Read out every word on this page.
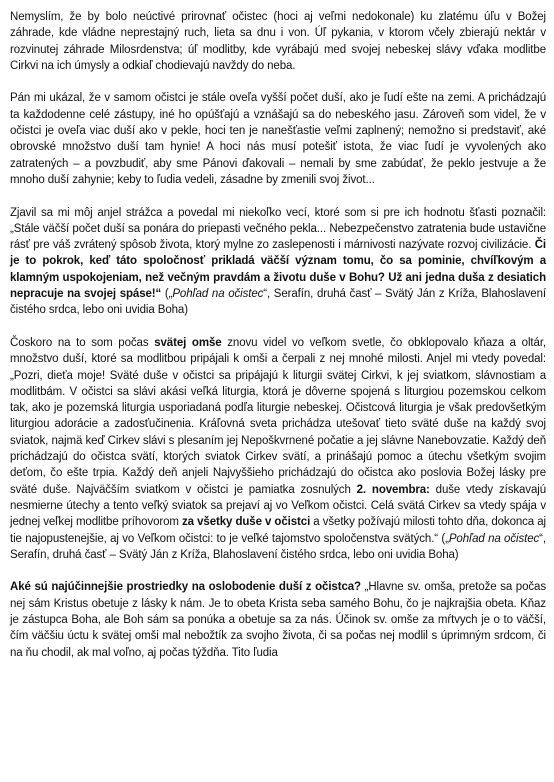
Nemyslím, že by bolo neúctivé prirovnať očistec (hoci aj veľmi nedokonale) ku zlatému úľu v Božej záhrade, kde vládne neprestajný ruch, lieta sa dnu i von. Úľ pykania, v ktorom včely zbierajú nektár v rozvinutej záhrade Milosrdenstva; úľ modlitby, kde vyrábajú med svojej nebeskej slávy vďaka modlitbe Cirkvi na ich úmysly a odkiaľ chodievajú navždy do neba.

Pán mi ukázal, že v samom očistci je stále oveľa vyšší počet duší, ako je ľudí ešte na zemi. A prichádzajú ta každodenne celé zástupy, iné ho opúšťajú a vznášajú sa do nebeského jasu. Zároveň som videl, že v očistci je oveľa viac duší ako v pekle, hoci ten je nanešťastie veľmi zaplnený; nemožno si predstaviť, aké obrovské množstvo duší tam hynie! A hoci nás musí potešiť istota, že viac ľudí je vyvolených ako zatratených – a povzbudiť, aby sme Pánovi ďakovali – nemali by sme zabúdať, že peklo jestvuje a že mnoho duší zahynie; keby to ľudia vedeli, zásadne by zmenili svoj život...

Zjavil sa mi môj anjel strážca a povedal mi niekoľko vecí, ktoré som si pre ich hodnotu šťasti poznačil: „Stále väčší počet duší sa ponára do priepasti večného pekla... Nebezpečenstvo zatratenia bude ustavične rásť pre váš zvrátený spôsob života, ktorý mylne zo zaslepenosti i márnivosti nazývate rozvoj civilizácie. Či je to pokrok, keď táto spoločnosť prikladá väčší význam tomu, čo sa pominie, chvíľkovým a klamným uspokojeniam, než večným pravdám a životu duše v Bohu? Už ani jedna duša z desiatich nepracuje na svojej spáse!“ („Pohľad na očistec“, Serafín, druhá časť – Svätý Ján z Kríža, Blahoslavení čistého srdca, lebo oni uvidia Boha)

Čoskoro na to som počas svätej omše znovu videl vo veľkom svetle, čo obklopovalo kňaza a oltár, množstvo duší, ktoré sa modlitbou pripájali k omši a čerpali z nej mnohé milosti. Anjel mi vtedy povedal: „Pozri, dieťa moje! Sväté duše v očistci sa pripájajú k liturgii svätej Cirkvi, k jej sviatkom, slávnostiam a modlitbám. V očistci sa slávi akási veľká liturgia, ktorá je dôverne spojená s liturgiou pozemskou celkom tak, ako je pozemská liturgia usporiadaná podľa liturgie nebeskej. Očistcová liturgia je však predovšetkým liturgiou adorácie a zadosťučinenia. Kráľovná sveta prichádza utešovať tieto sväté duše na každý svoj sviatok, najmä keď Cirkev slávi s plesaním jej Nepoškvrnené počatie a jej slávne Nanebovzatie. Každý deň prichádzajú do očistca svätí, ktorých sviatok Cirkev svätí, a prinášajú pomoc a útechu všetkým svojim deťom, čo ešte trpia. Každý deň anjeli Najvyššieho prichádzajú do očistca ako poslovia Božej lásky pre sväté duše. Najväčším sviatkom v očistci je pamiatka zosnulých 2. novembra: duše vtedy získavajú nesmierne útechy a tento veľký sviatok sa prejaví aj vo Veľkom očistci. Celá svätá Cirkev sa vtedy spája v jednej veľkej modlitbe príhovorom za všetky duše v očistci a všetky požívajú milosti tohto dňa, dokonca aj tie najopustenejšie, aj vo Veľkom očistci: to je veľké tajomstvo spoločenstva svätých.“ („Pohľad na očistec“, Serafín, druhá časť – Svätý Ján z Kríža, Blahoslavení čistého srdca, lebo oni uvidia Boha)

Aké sú najúčinnejšie prostriedky na oslobodenie duší z očistca? „Hlavne sv. omša, pretože sa počas nej sám Kristus obetuje z lásky k nám. Je to obeta Krista seba samého Bohu, čo je najkrajšia obeta. Kňaz je zástupca Boha, ale Boh sám sa ponúka a obetuje sa za nás. Účinok sv. omše za mŕtvych je o to väčší, čím väčšiu úctu k svätej omši mal nebožtík za svojho života, či sa počas nej modlil s úprimným srdcom, či na ňu chodil, ak mal voľno, aj počas týždňa. Tito ľudia
